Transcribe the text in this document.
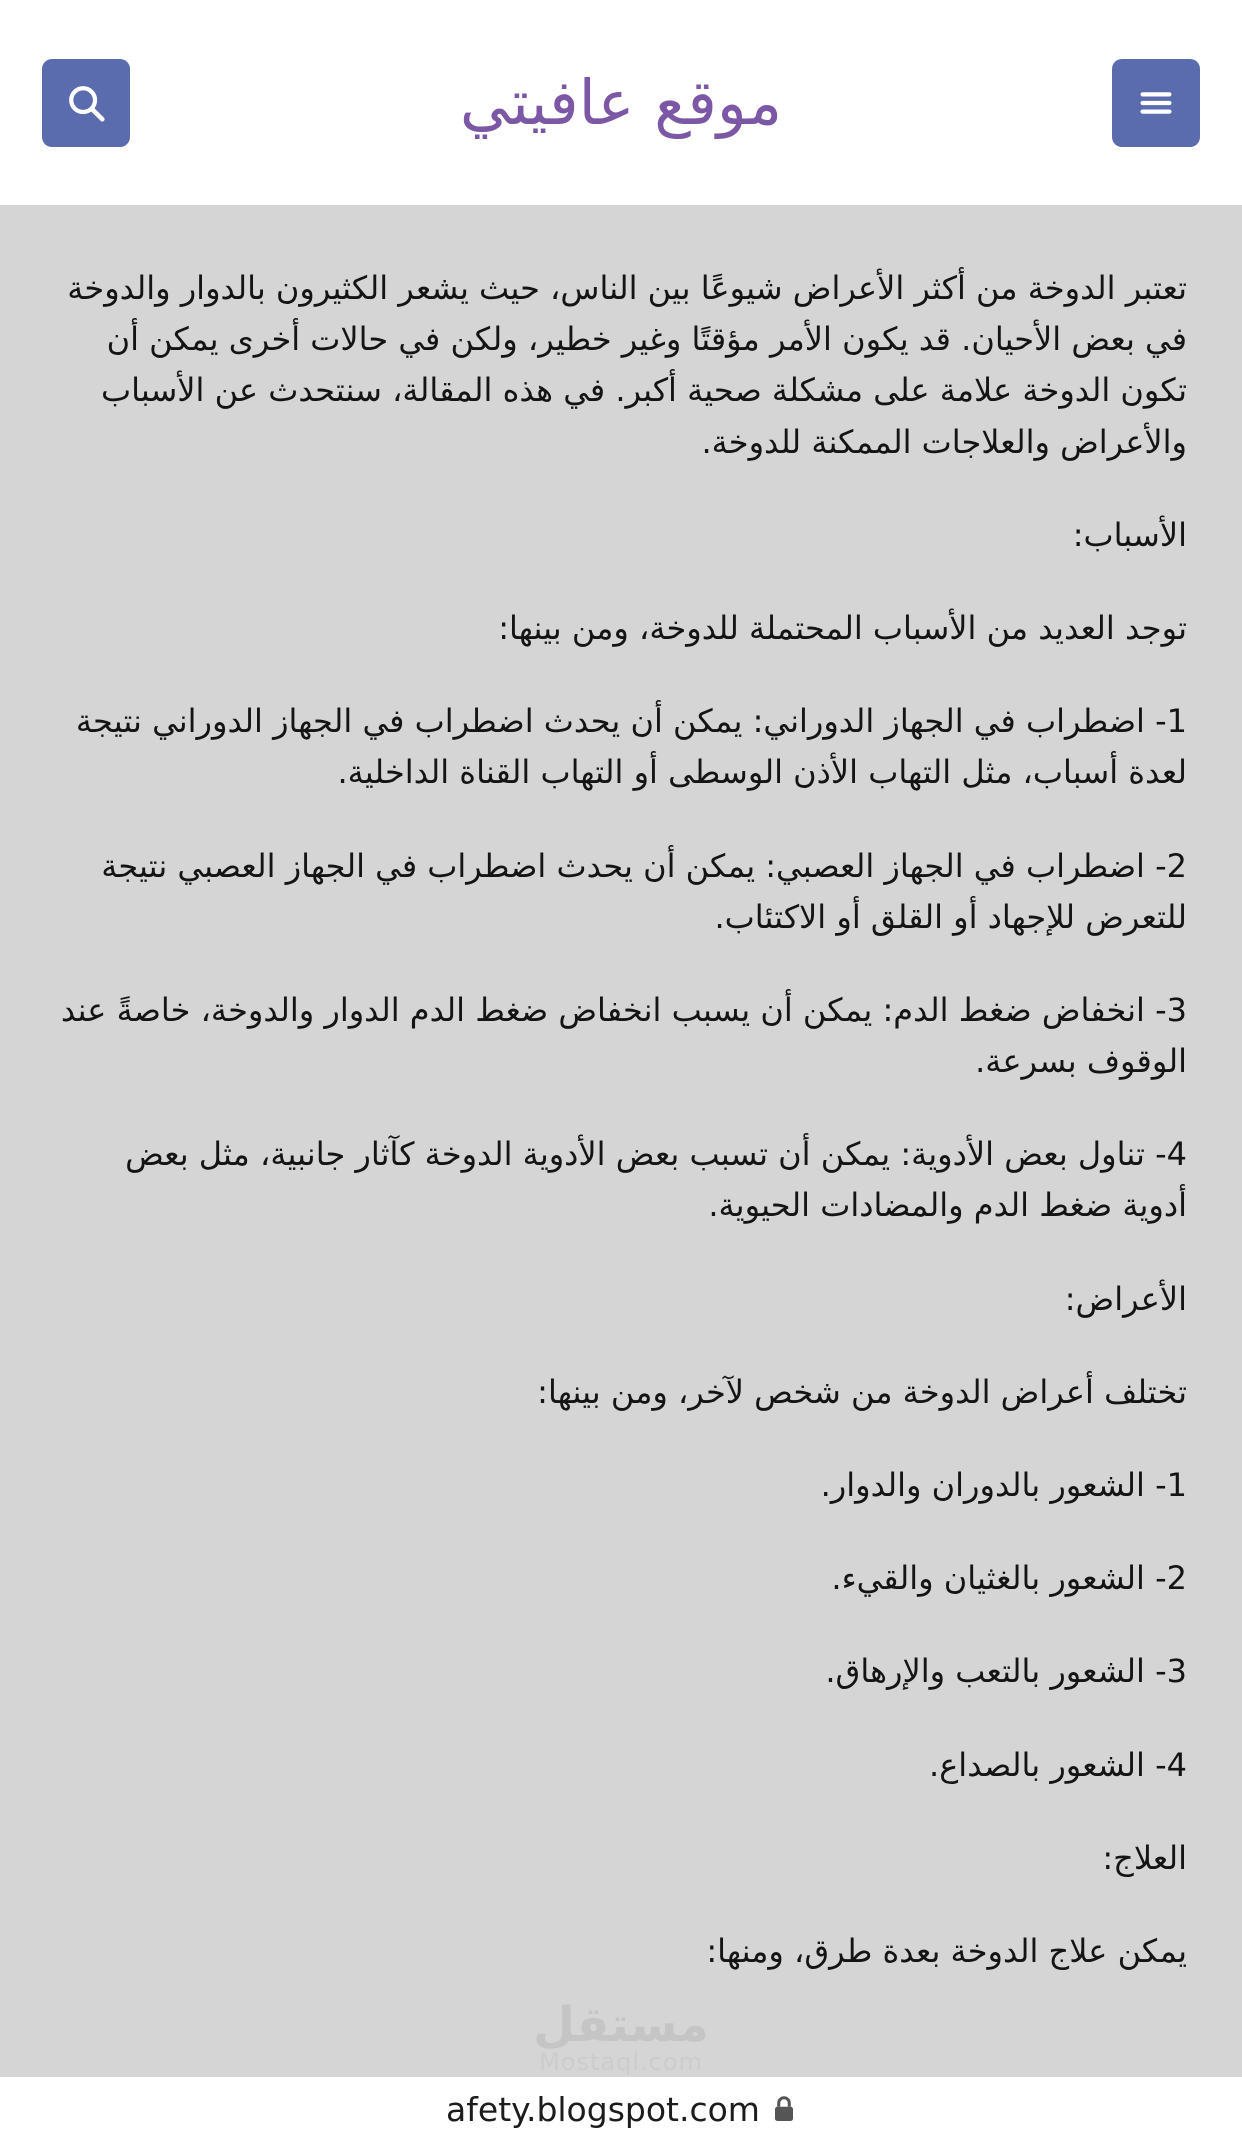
موقع عافيتي

تعتبر الدوخة من أكثر الأعراض شيوعًا بين الناس، حيث يشعر الكثيرون بالدوار والدوخة في بعض الأحيان. قد يكون الأمر مؤقتًا وغير خطير، ولكن في حالات أخرى يمكن أن تكون الدوخة علامة على مشكلة صحية أكبر. في هذه المقالة، سنتحدث عن الأسباب والأعراض والعلاجات الممكنة للدوخة.

الأسباب:

توجد العديد من الأسباب المحتملة للدوخة، ومن بينها:

1- اضطراب في الجهاز الدوراني: يمكن أن يحدث اضطراب في الجهاز الدوراني نتيجة لعدة أسباب، مثل التهاب الأذن الوسطى أو التهاب القناة الداخلية.

2- اضطراب في الجهاز العصبي: يمكن أن يحدث اضطراب في الجهاز العصبي نتيجة للتعرض للإجهاد أو القلق أو الاكتئاب.

3- انخفاض ضغط الدم: يمكن أن يسبب انخفاض ضغط الدم الدوار والدوخة، خاصةً عند الوقوف بسرعة.

4- تناول بعض الأدوية: يمكن أن تسبب بعض الأدوية الدوخة كآثار جانبية، مثل بعض أدوية ضغط الدم والمضادات الحيوية.

الأعراض:

تختلف أعراض الدوخة من شخص لآخر، ومن بينها:

1- الشعور بالدوران والدوار.

2- الشعور بالغثيان والقيء.

3- الشعور بالتعب والإرهاق.

4- الشعور بالصداع.

العلاج:

يمكن علاج الدوخة بعدة طرق، ومنها:

مستقل
Mostaql.com
afety.blogspot.com
